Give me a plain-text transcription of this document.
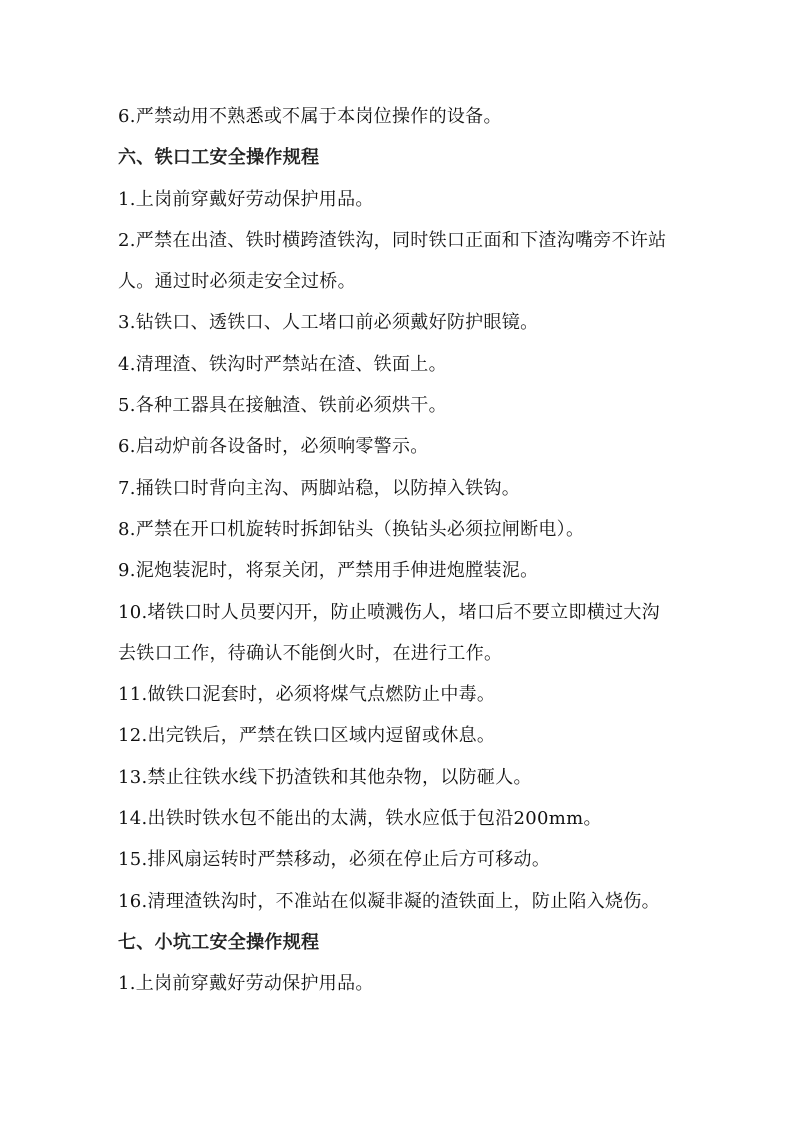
6.严禁动用不熟悉或不属于本岗位操作的设备。
六、铁口工安全操作规程
1.上岗前穿戴好劳动保护用品。
2.严禁在出渣、铁时横跨渣铁沟，同时铁口正面和下渣沟嘴旁不许站
人。通过时必须走安全过桥。
3.钻铁口、透铁口、人工堵口前必须戴好防护眼镜。
4.清理渣、铁沟时严禁站在渣、铁面上。
5.各种工器具在接触渣、铁前必须烘干。
6.启动炉前各设备时，必须响零警示。
7.捅铁口时背向主沟、两脚站稳，以防掉入铁钩。
8.严禁在开口机旋转时拆卸钻头（换钻头必须拉闸断电）。
9.泥炮装泥时，将泵关闭，严禁用手伸进炮膛装泥。
10.堵铁口时人员要闪开，防止喷溅伤人，堵口后不要立即横过大沟
去铁口工作，待确认不能倒火时，在进行工作。
11.做铁口泥套时，必须将煤气点燃防止中毒。
12.出完铁后，严禁在铁口区域内逗留或休息。
13.禁止往铁水线下扔渣铁和其他杂物，以防砸人。
14.出铁时铁水包不能出的太满，铁水应低于包沿200mm。
15.排风扇运转时严禁移动，必须在停止后方可移动。
16.清理渣铁沟时，不准站在似凝非凝的渣铁面上，防止陷入烧伤。
七、小坑工安全操作规程
1.上岗前穿戴好劳动保护用品。
